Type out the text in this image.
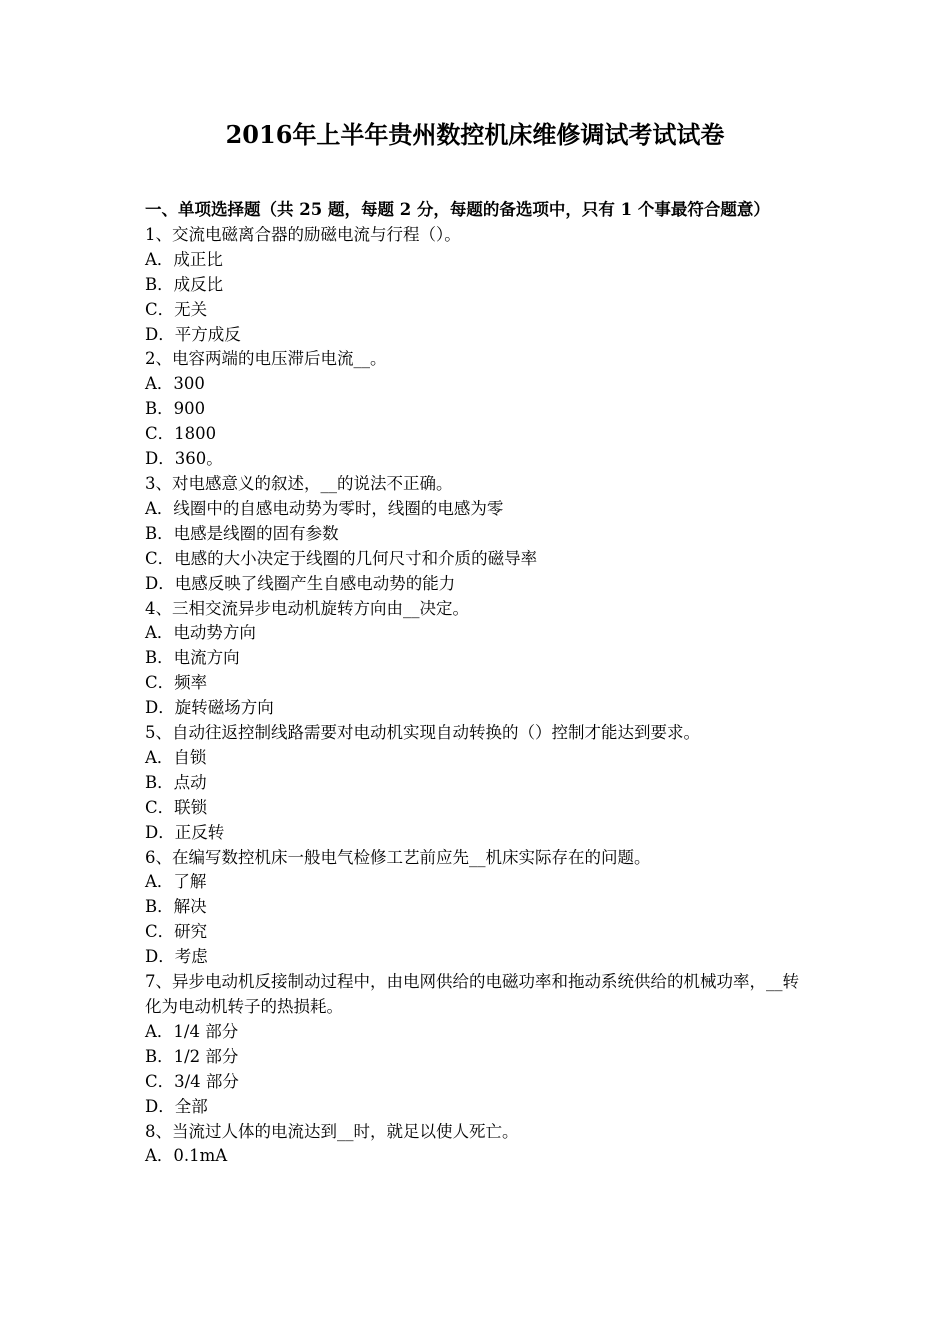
2016年上半年贵州数控机床维修调试考试试卷

一、单项选择题（共 25 题，每题 2 分，每题的备选项中，只有 1 个事最符合题意）

1、交流电磁离合器的励磁电流与行程（）。

A．成正比

B．成反比

C．无关

D．平方成反

2、电容两端的电压滞后电流__。

A．300

B．900

C．1800

D．360。

3、对电感意义的叙述，__的说法不正确。

A．线圈中的自感电动势为零时，线圈的电感为零

B．电感是线圈的固有参数

C．电感的大小决定于线圈的几何尺寸和介质的磁导率

D．电感反映了线圈产生自感电动势的能力

4、三相交流异步电动机旋转方向由__决定。

A．电动势方向

B．电流方向

C．频率

D．旋转磁场方向

5、自动往返控制线路需要对电动机实现自动转换的（）控制才能达到要求。

A．自锁

B．点动

C．联锁

D．正反转

6、在编写数控机床一般电气检修工艺前应先__机床实际存在的问题。

A．了解

B．解决

C．研究

D．考虑

7、异步电动机反接制动过程中，由电网供给的电磁功率和拖动系统供给的机械功率，__转化为电动机转子的热损耗。

A．1/4 部分

B．1/2 部分

C．3/4 部分

D．全部

8、当流过人体的电流达到__时，就足以使人死亡。

A．0.1mA
